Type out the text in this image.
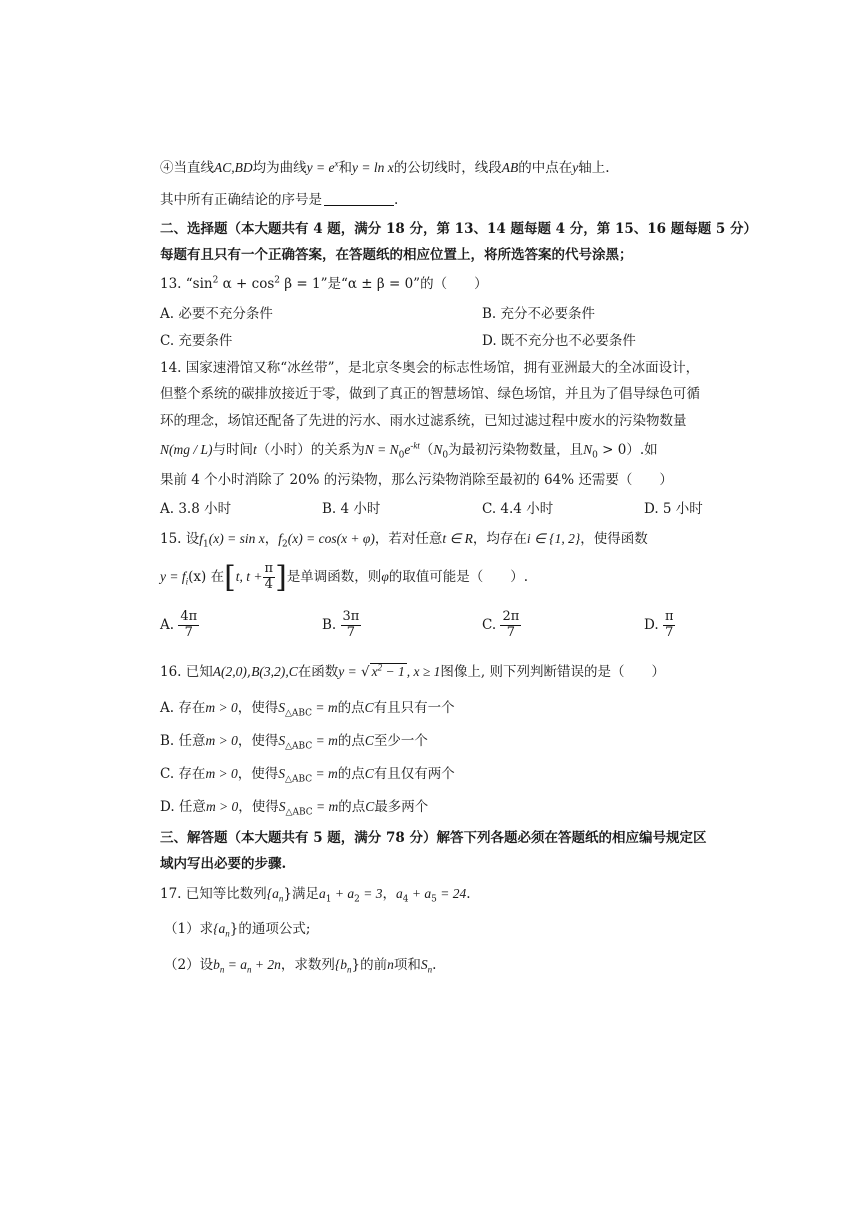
④当直线AC,BD均为曲线$y = e^x$和y = ln x的公切线时，线段AB的中点在y轴上.
其中所有正确结论的序号是	.
二、选择题（本大题共有 4 题，满分 18 分，第 13、14 题每题 4 分，第 15、16 题每题 5 分）
每题有且只有一个正确答案，在答题纸的相应位置上，将所选答案的代号涂黑；
13. “$\sin^2$ $\alpha + \cos^2 \beta = 1$”是“α ± β = 0”的（　　）
A. 必要不充分条件	B. 充分不必要条件
C. 充要条件	D. 既不充分也不必要条件
14. 国家速滑馆又称“冰丝带”，是北京冬奥会的标志性场馆，拥有亚洲最大的全冰面设计，
但整个系统的碳排放接近于零，做到了真正的智慧场馆、绿色场馆，并且为了倡导绿色可循
环的理念，场馆还配备了先进的污水、雨水过滤系统，已知过滤过程中废水的污染物数量
N(mg / L)与时间t（小时）的关系为$N = N_0e^{-kt}(N_0$为最初污染物数量，且$N_0 > 0$）.如
果前 4 个小时消除了 20% 的污染物，那么污染物消除至最初的 64% 还需要（　　）
A. 3.8 小时	B. 4 小时	C. 4.4 小时	D. 5 小时
15. 设$f_1(x) = \sin x$，$f_2(x) = \cos(x + \varphi)$，若对任意t ∈ R，均存在i ∈ {1, 2}，使得函数
$y = f_i(x)$ 在[t, $t + \frac{\pi}{4}$ ]是单调函数，则φ的取值可能是（　　）.
A. $\frac{4\pi}{7}$	B. $\frac{3\pi}{7}$	C. $\frac{2\pi}{7}$	D. $\frac{\pi}{7}$
16. 已知A(2,0),B(3,2),C在函数y = √ $x^2 - 1$ , x ≥ 1图像上, 则下列判断错误的是（　　）
A. 存在m > 0，使得$S_{\triangle ABC} = m$的点C有且只有一个
B. 任意m > 0，使得$S_{\triangle ABC} = m$的点C至少一个
C. 存在m > 0，使得$S_{\triangle ABC} = m$的点C有且仅有两个
D. 任意m > 0，使得$S_{\triangle ABC} = m$的点C最多两个
三、解答题（本大题共有 5 题，满分 78 分）解答下列各题必须在答题纸的相应编号规定区
域内写出必要的步骤.
17. 已知等比数列$\{a_n\}$满足$a_1 + a_2 = 3$，$a_4 + a_5 = 24$.
（1）求$\{a_n\}$的通项公式;
（2）设$b_n = a_n + 2n$，求数列$\{b_n\}$的前n项和$S_n$.
